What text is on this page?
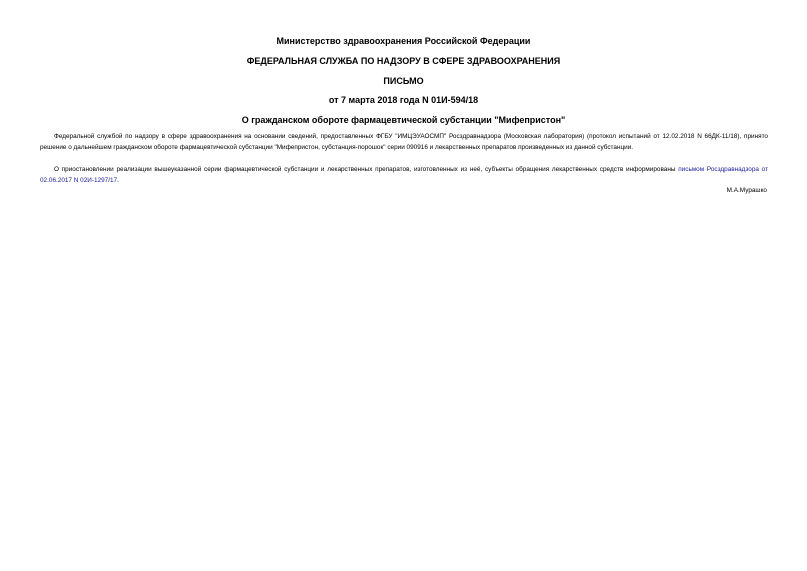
Министерство здравоохранения Российской Федерации
ФЕДЕРАЛЬНАЯ СЛУЖБА ПО НАДЗОРУ В СФЕРЕ ЗДРАВООХРАНЕНИЯ
ПИСЬМО
от 7 марта 2018 года N 01И-594/18
О гражданском обороте фармацевтической субстанции "Мифепристон"

Федеральной службой по надзору в сфере здравоохранения на основании сведений, предоставленных ФГБУ "ИМЦЭУАОСМП" Росздравнадзора (Московская лаборатория) (протокол испытаний от 12.02.2018 N 66ДК-11/18), принято решение о дальнейшем гражданском обороте фармацевтической субстанции "Мифепристон, субстанция-порошок" серии 090916 и лекарственных препаратов произведенных из данной субстанции.

О приостановлении реализации вышеуказанной серии фармацевтической субстанции и лекарственных препаратов, изготовленных из неё, субъекты обращения лекарственных средств информированы письмом Росздравнадзора от 02.06.2017 N 02И-1297/17.

М.А.Мурашко
